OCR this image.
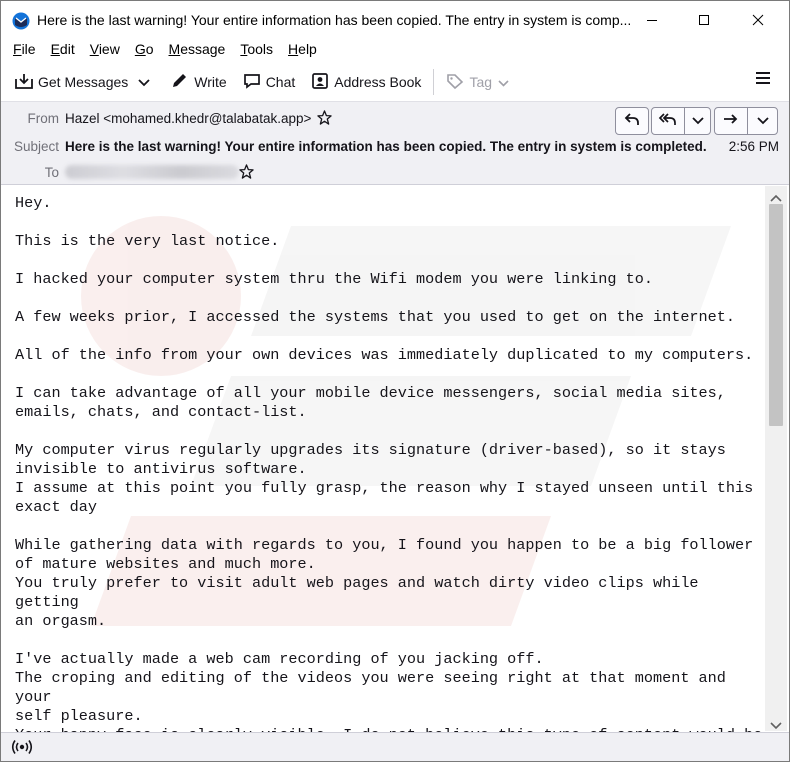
Here is the last warning! Your entire information has been copied. The entry in system is comp...
File Edit View Go Message Tools Help
Get Messages	Write	Chat	Address Book	Tag
From Hazel <mohamed.khedr@talabatak.app>
Subject Here is the last warning! Your entire information has been copied. The entry in system is completed. 2:56 PM
To
Hey.

This is the very last notice.

I hacked your computer system thru the Wifi modem you were linking to.

A few weeks prior, I accessed the systems that you used to get on the internet.

All of the info from your own devices was immediately duplicated to my computers.

I can take advantage of all your mobile device messengers, social media sites,
emails, chats, and contact-list.

My computer virus regularly upgrades its signature (driver-based), so it stays
invisible to antivirus software.
I assume at this point you fully grasp, the reason why I stayed unseen until this
exact day

While gathering data with regards to you, I found you happen to be a big follower
of mature websites and much more.
You truly prefer to visit adult web pages and watch dirty video clips while getting
an orgasm.

I've actually made a web cam recording of you jacking off.
The croping and editing of the videos you were seeing right at that moment and your
self pleasure.
